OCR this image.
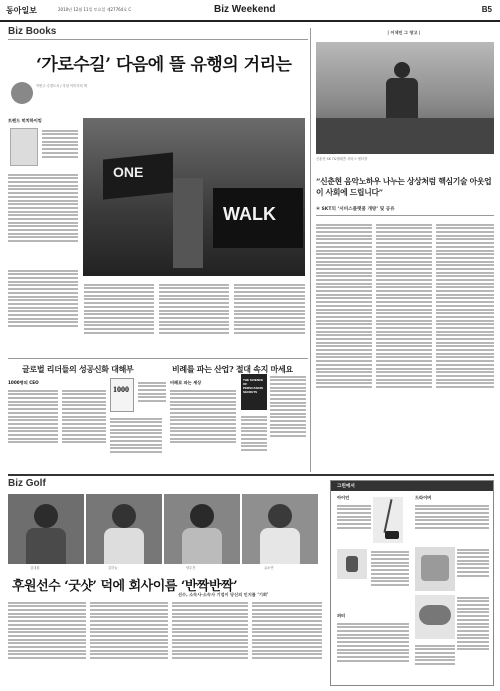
동아일보	2010년 12월 11일 토요일 제27764호 C	Biz Weekend	B5
Biz Books
‘가로수길’ 다음에 뜰 유행의 거리는
이번주 수경도서 / 추천 이미지의 책
트렌드 히치하이킹
ONE
WALK
글로벌 리더들의 성공신화 대해부	비례를 파는 산업? 절대 속지 마세요
1000명의 CEO
1000
비례로 파는 세상	THE SCIENCE OF PERSUASION SECRETS
| 이색인 그 땅고 |
신춘현 SK T&텔레콤 서비스 센터장
“신춘현 음악노하우 나누는 상상처럼 핵심기술 아웃업이 사회에 드립니다”
④ SKT의 ‘서비스플랫폼 개방’ 및 공유
Biz Golf
김대섭	김하늘	양수진	유소연
후원선수 ‘굿샷’ 덕에 회사이름 ‘반짝반짝’
선수, 소속사·소속사 기업이 당신의 인지를 ‘기회’
그린에서
아이언	드라이버
퍼터
